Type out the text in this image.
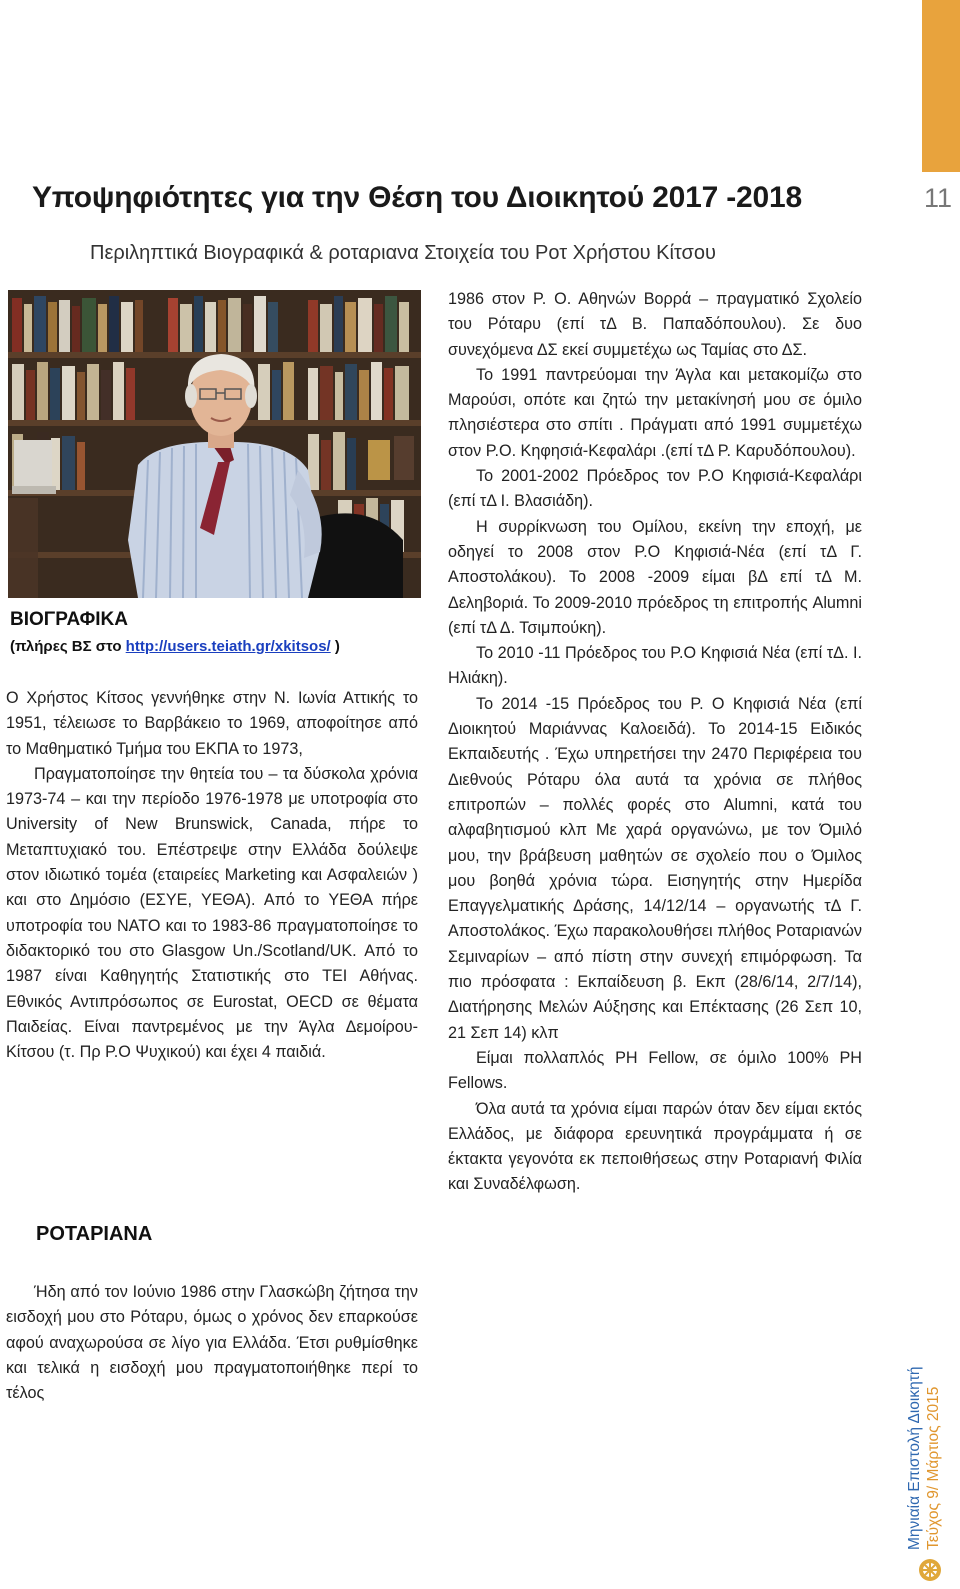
11
Υποψηφιότητες για την Θέση του Διοικητού 2017 -2018
Περιληπτικά Βιογραφικά & ροταριανα Στοιχεία του Ροτ Χρήστου Κίτσου
ΒΙΟΓΡΑΦΙΚΑ
(πλήρες ΒΣ στο http://users.teiath.gr/xkitsos/ )

Ο Χρήστος Κίτσος γεννήθηκε στην Ν. Ιωνία Αττικής το 1951, τέλειωσε το Βαρβάκειο το 1969, αποφοίτησε από το Μαθηματικό Τμήμα του ΕΚΠΑ το 1973,

Πραγματοποίησε την θητεία του – τα δύσκολα χρόνια 1973-74 – και την περίοδο 1976-1978 με υποτροφία στο University of New Brunswick, Canada, πήρε το Μεταπτυχιακό του. Επέστρεψε στην Ελλάδα δούλεψε στον ιδιωτικό τομέα (εταιρείες Marketing και Ασφαλειών ) και στο Δημόσιο (ΕΣΥΕ, ΥΕΘΑ). Από το ΥΕΘΑ πήρε υποτροφία του ΝΑΤΟ και το 1983-86 πραγματοποίησε το διδακτορικό του στο Glasgow Un./Scotland/UK. Από το 1987 είναι Καθηγητής Στατιστικής στο ΤΕΙ Αθήνας. Εθνικός Αντιπρόσωπος σε Eurostat, OECD σε θέματα Παιδείας. Είναι παντρεμένος με την Άγλα Δεμοίρου-Κίτσου (τ. Πρ Ρ.Ο Ψυχικού) και έχει 4 παιδιά.

ΡΟΤΑΡΙΑΝΑ

Ήδη από τον Ιούνιο 1986 στην Γλασκώβη ζήτησα την εισδοχή μου στο Ρόταρυ, όμως ο χρόνος δεν επαρκούσε αφού αναχωρούσα σε λίγο για Ελλάδα. Έτσι ρυθμίσθηκε και τελικά η εισδοχή μου πραγματοποιήθηκε περί το τέλος

1986 στον Ρ. Ο. Αθηνών Βορρά – πραγματικό Σχολείο του Ρόταρυ (επί τΔ Β. Παπαδόπουλου). Σε δυο συνεχόμενα ΔΣ εκεί συμμετέχω ως Ταμίας στο ΔΣ.

Το 1991 παντρεύομαι την Άγλα και μετακομίζω στο Μαρούσι, οπότε και ζητώ την μετακίνησή μου σε όμιλο πλησιέστερα στο σπίτι . Πράγματι από 1991 συμμετέχω στον Ρ.Ο. Κηφησιά-Κεφαλάρι .(επί τΔ Ρ. Καρυδόπουλου).

Το 2001-2002 Πρόεδρος τον Ρ.Ο Κηφισιά-Κεφαλάρι (επί τΔ Ι. Βλασιάδη).

Η συρρίκνωση του Ομίλου, εκείνη την εποχή, με οδηγεί το 2008 στον Ρ.Ο Κηφισιά-Νέα (επί τΔ Γ. Αποστολάκου). Το 2008 -2009 είμαι βΔ επί τΔ Μ. Δεληβοριά. Το 2009-2010 πρόεδρος τη επιτροπής Alumni (επί τΔ Δ. Τσιμπούκη).

Το 2010 -11 Πρόεδρος του Ρ.Ο Κηφισιά Νέα (επί τΔ. Ι. Ηλιάκη).

Το 2014 -15 Πρόεδρος του Ρ. Ο Κηφισιά Νέα (επί Διοικητού Μαριάννας Καλοειδά). Το 2014-15 Ειδικός Εκπαιδευτής . Έχω υπηρετήσει την 2470 Περιφέρεια του Διεθνούς Ρόταρυ όλα αυτά τα χρόνια σε πλήθος επιτροπών – πολλές φορές στο Alumni, κατά του αλφαβητισμού κλπ Με χαρά οργανώνω, με τον Όμιλό μου, την βράβευση μαθητών σε σχολείο που ο Όμιλος μου βοηθά χρόνια τώρα. Εισηγητής στην Ημερίδα Επαγγελματικής Δράσης, 14/12/14 – οργανωτής τΔ Γ. Αποστολάκος. Έχω παρακολουθήσει πλήθος Ροταριανών Σεμιναρίων – από πίστη στην συνεχή επιμόρφωση. Τα πιο πρόσφατα : Εκπαίδευση β. Εκπ (28/6/14, 2/7/14), Διατήρησης Μελών Αύξησης και Επέκτασης (26 Σεπ 10, 21 Σεπ 14) κλπ

Είμαι πολλαπλός PH Fellow, σε όμιλο 100% PH Fellows.

Όλα αυτά τα χρόνια είμαι παρών όταν δεν είμαι εκτός Ελλάδος, με διάφορα ερευνητικά προγράμματα ή σε έκτακτα γεγονότα εκ πεποιθήσεως στην Ροταριανή Φιλία και Συναδέλφωση.

Μηνιαία Επιστολή Διοικητή Τεύχος 9/ Μάρτιος 2015
